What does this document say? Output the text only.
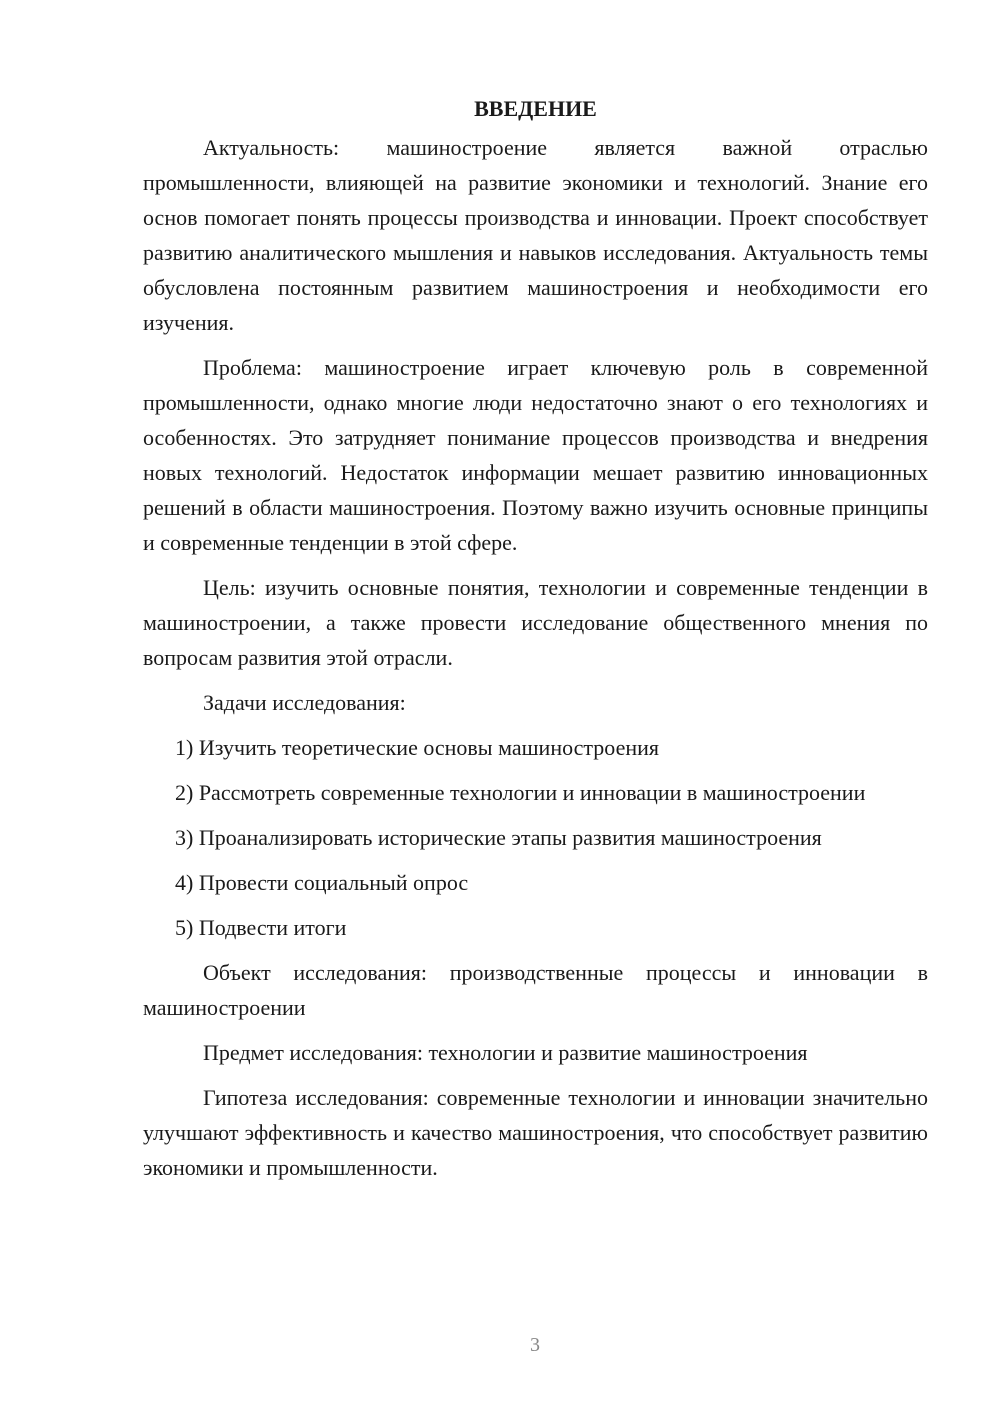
ВВЕДЕНИЕ

Актуальность: машиностроение является важной отраслью промышленности, влияющей на развитие экономики и технологий. Знание его основ помогает понять процессы производства и инновации. Проект способствует развитию аналитического мышления и навыков исследования. Актуальность темы обусловлена постоянным развитием машиностроения и необходимости его изучения.

Проблема: машиностроение играет ключевую роль в современной промышленности, однако многие люди недостаточно знают о его технологиях и особенностях. Это затрудняет понимание процессов производства и внедрения новых технологий. Недостаток информации мешает развитию инновационных решений в области машиностроения. Поэтому важно изучить основные принципы и современные тенденции в этой сфере.

Цель: изучить основные понятия, технологии и современные тенденции в машиностроении, а также провести исследование общественного мнения по вопросам развития этой отрасли.

Задачи исследования:

1) Изучить теоретические основы машиностроения

2) Рассмотреть современные технологии и инновации в машиностроении

3) Проанализировать исторические этапы развития машиностроения

4) Провести социальный опрос

5) Подвести итоги

Объект исследования: производственные процессы и инновации в машиностроении

Предмет исследования: технологии и развитие машиностроения

Гипотеза исследования: современные технологии и инновации значительно улучшают эффективность и качество машиностроения, что способствует развитию экономики и промышленности.

3
